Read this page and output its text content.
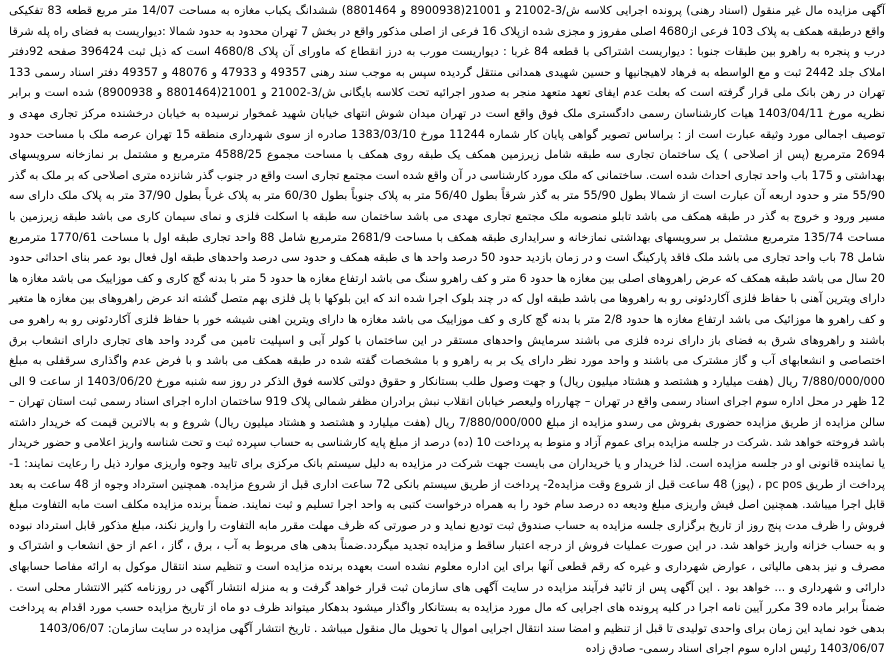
آگهی مزایده مال غیر منقول (اسناد رهنی) پرونده اجرایی کلاسه ش/3-21002 و 21001(8900938 و 8801464) ششدانگ یکباب مغازه به مساحت 14/07 متر مربع قطعه 83 تفکیکی واقع درطبقه همکف به پلاک 103 فرعی از4680 اصلی مفروز و مجزی شده ازپلاک 16 فرعی از اصلی مذکور واقع در بخش 7 تهران محدود به حدود شمالا :دیواریست به فضای راه پله شرقا درب و پنجره به راهرو بین طبقات جنوبا : دیواریست اشتراکی با قطعه 84 غربا : دیواریست مورب به درز انقطاع که ماورای آن پلاک 4680/8 است که ذیل ثبت 396424 صفحه 92دفتر املاک جلد 2442 ثبت و مع الواسطه به فرهاد لاهیجانیها و حسین شهیدی همدانی منتقل گردیده سپس به موجب سند رهنی 49357 و 47933 و 48076 و 49357 دفتر اسناد رسمی 133 تهران در رهن بانک ملی قرار گرفته است که بعلت عدم ایفای تعهد متعهد منجر به صدور اجرائیه تحت کلاسه بایگانی ش/3-21002 و 21001(8801464 و 8900938) شده است و برابر نظریه مورخ 1403/04/11 هیات کارشناسان رسمی دادگستری ملک فوق واقع است در تهران میدان شوش انتهای خیابان شهید غمخوار نرسیده به خیابان درخشنده مرکز تجاری مهدی و توصیف اجمالی مورد وثیقه عبارت است از : براساس تصویر گواهی پایان کار شماره 11244 مورخ 1383/03/10 صادره از سوی شهرداری منطقه 15 تهران عرصه ملک با مساحت حدود 2694 مترمربع (پس از اصلاحی ) یک ساختمان تجاری سه طبقه شامل زیرزمین همکف یک طبقه روی همکف با مساحت مجموع 4588/25 مترمربع و مشتمل بر نمازخانه سرویسهای بهداشتی و 175 باب واحد تجاری احداث شده است. ساختمانی که ملک مورد کارشناسی در آن واقع شده است مجتمع تجاری است واقع در جنوب گذر شانزده متری اصلاحی که بر ملک به گذر 55/90 متر و حدود اربعه آن عبارت است از شمالا بطول 55/90 متر به گذر شرقاً بطول 56/40 متر به پلاک جنوباً بطول 60/30 متر به پلاک غرباً بطول 37/90 متر به پلاک ملک دارای سه مسیر ورود و خروج به گذر در طبقه همکف می باشد تابلو منصوبه ملک مجتمع تجاری مهدی می باشد ساختمان سه طبقه با اسکلت فلزی و نمای سیمان کاری می باشد طبقه زیرزمین با مساحت 135/74 مترمربع مشتمل بر سرویسهای بهداشتی نمازخانه و سرایداری طبقه همکف با مساحت 2681/9 مترمربع شامل 88 واحد تجاری طبقه اول با مساحت 1770/61 مترمربع شامل 78 باب واحد تجاری می باشد ملک فاقد پارکینگ است و در زمان بازدید حدود 50 درصد واحد ها ی طبقه همکف و حدود سی درصد واحدهای طبقه اول فعال بود عمر بنای احداثی حدود 20 سال می باشد طبقه همکف که عرض راهروهای اصلی بین مغازه ها حدود 6 متر و کف راهرو سنگ می باشد ارتفاع مغازه ها حدود 5 متر با بدنه گچ کاری و کف موزاییک می باشد مغازه ها دارای ویترین آهنی با حفاظ فلزی آکاردئونی رو به راهروها می باشد طبقه اول که در چند بلوک اجرا شده اند که این بلوکها با پل فلزی بهم متصل گشته اند عرض راهروهای بین مغازه ها متغیر و کف راهرو ها موزائیک می باشد ارتفاع مغازه ها حدود 2/8 متر با بدنه گچ کاری و کف موزاییک می باشد مغازه ها دارای ویترین اهنی شیشه خور با حفاظ فلزی آکاردئونی رو به راهرو می باشند و راهروهای شرق به فضای باز دارای نرده فلزی می باشند سرمایش واحدهای مستقر در این ساختمان با کولر آبی و اسپلیت تامین می گردد واحد های تجاری دارای انشعاب برق اختصاصی و انشعابهای آب و گاز مشترک می باشند و واحد مورد نظر دارای یک بر به راهرو و با مشخصات گفته شده در طبقه همکف می باشد و با فرض عدم واگذاری سرقفلی به مبلغ 7/880/000/000 ریال (هفت میلیارد و هشتصد و هشتاد میلیون ریال) و جهت وصول طلب بستانکار و حقوق دولتی کلاسه فوق الذکر در روز سه شنبه مورخ 1403/06/20 از ساعت 9 الی 12 ظهر در محل اداره سوم اجرای اسناد رسمی واقع در تهران – چهارراه ولیعصر خیابان انقلاب نبش برادران مظفر شمالی پلاک 919 ساختمان اداره اجرای اسناد رسمی ثبت استان تهران – سالن مزایده از طریق مزایده حضوری بفروش می رسدو مزایده از مبلغ 7/880/000/000 ریال (هفت میلیارد و هشتصد و هشتاد میلیون ریال) شروع و به بالاترین قیمت که خریدار داشته باشد فروخته خواهد شد .شرکت در جلسه مزایده برای عموم آزاد و منوط به پرداخت 10 (ده) درصد از مبلغ پایه کارشناسی به حساب سپرده ثبت و تحت شناسه واریز اعلامی و حضور خریدار یا نماینده قانونی او در جلسه مزایده است. لذا خریدار و یا خریداران می بایست جهت شرکت در مزایده به دلیل سیستم بانک مرکزی برای تایید وجوه واریزی موارد ذیل را رعایت نمایند: 1- پرداخت از طریق pc pos ، (پوز) 48 ساعت قبل از شروع وقت مزایده2- پرداخت از طریق سیستم بانکی 72 ساعت اداری قبل از شروع مزایده. همچنین استرداد وجوه از 48 ساعت به بعد قابل اجرا میباشد. همچنین اصل فیش واریزی مبلغ ودیعه ده درصد سام خود را به همراه درخواست کتبی به واحد اجرا تسلیم و ثبت نمایند. ضمناً برنده مزایده مکلف است مابه التفاوت مبلغ فروش را ظرف مدت پنج روز از تاریخ برگزاری جلسه مزایده به حساب صندوق ثبت تودیع نماید و در صورتی که ظرف مهلت مقرر مابه التفاوت را واریز نکند، مبلغ مذکور قابل استرداد نبوده و به حساب خزانه واریز خواهد شد. در این صورت عملیات فروش از درجه اعتبار ساقط و مزایده تجدید میگردد.ضمناً بدهی های مربوط به آب ، برق ، گاز ، اعم از حق انشعاب و اشتراک و مصرف و نیز بدهی مالیاتی ، عوارض شهرداری و غیره که رقم قطعی آنها برای این اداره معلوم نشده است بعهده برنده مزایده است و تنظیم سند انتقال موکول به ارائه مفاصا حسابهای دارائی و شهرداری و ... خواهد بود . این آگهی پس از تائید فرآیند مزایده در سایت آگهی های سازمان ثبت قرار خواهد گرفت و به منزله انتشار آگهی در روزنامه کثیر الانتشار محلی است . ضمناً برابر ماده 39 مکرر آیین نامه اجرا در کلیه پرونده های اجرایی که مال مورد مزایده به بستانکار واگذار میشود بدهکار میتواند ظرف دو ماه از تاریخ مزایده حسب مورد اقدام به پرداخت بدهی خود نماید این زمان برای واحدی تولیدی تا قبل از تنظیم و امضا سند انتقال اجرایی اموال یا تحویل مال منقول میباشد . تاریخ انتشار آگهی مزایده در سایت سازمان: 1403/06/07

1403/06/07 رئیس اداره سوم اجرای اسناد رسمی- صادق زاده
